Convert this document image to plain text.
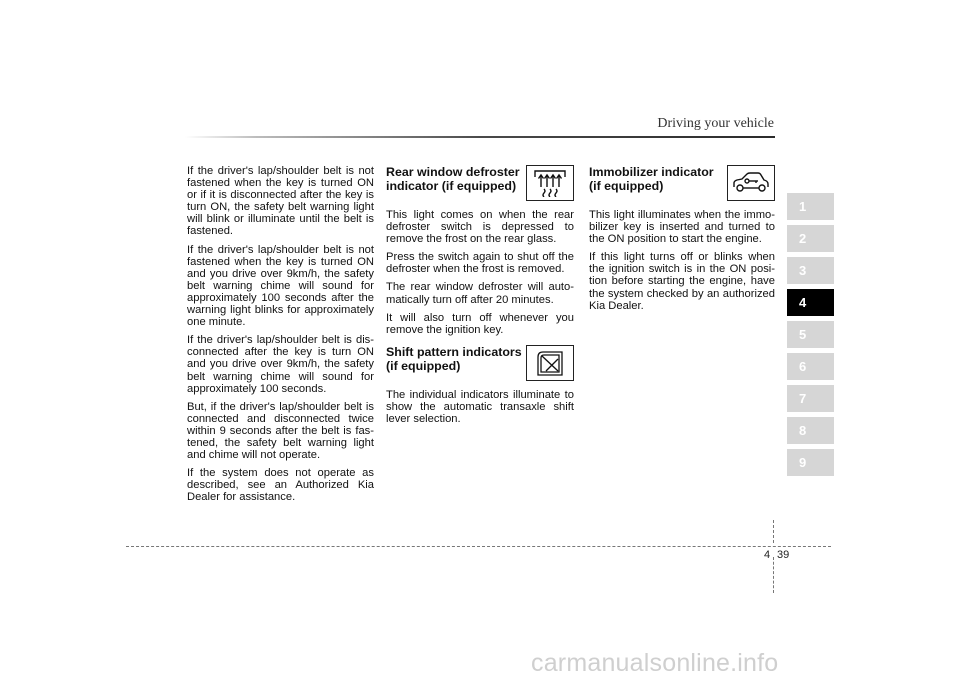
Driving your vehicle

If the driver's lap/shoulder belt is not fastened when the key is turned ON or if it is disconnected after the key is turn ON, the safety belt warning light will blink or illuminate until the belt is fastened.

If the driver's lap/shoulder belt is not fastened when the key is turned ON and you drive over 9km/h, the safety belt warning chime will sound for approximately 100 seconds after the warning light blinks for approximately one minute.

If the driver's lap/shoulder belt is dis-connected after the key is turn ON and you drive over 9km/h, the safety belt warning chime will sound for approximately 100 seconds.

But, if the driver's lap/shoulder belt is connected and disconnected twice within 9 seconds after the belt is fas-tened, the safety belt warning light and chime will not operate.

If the system does not operate as described, see an Authorized Kia Dealer for assistance.

Rear window defroster
indicator (if equipped)

This light comes on when the rear defroster switch is depressed to remove the frost on the rear glass.

Press the switch again to shut off the defroster when the frost is removed.

The rear window defroster will auto-matically turn off after 20 minutes.

It will also turn off whenever you remove the ignition key.

Shift pattern indicators
(if equipped)

The individual indicators illuminate to show the automatic transaxle shift lever selection.

Immobilizer indicator
(if equipped)

This light illuminates when the immo-bilizer key is inserted and turned to the ON position to start the engine.

If this light turns off or blinks when the ignition switch is in the ON posi-tion before starting the engine, have the system checked by an authorized Kia Dealer.

1
2
3
4
5
6
7
8
9
4 39
carmanualsonline.info
